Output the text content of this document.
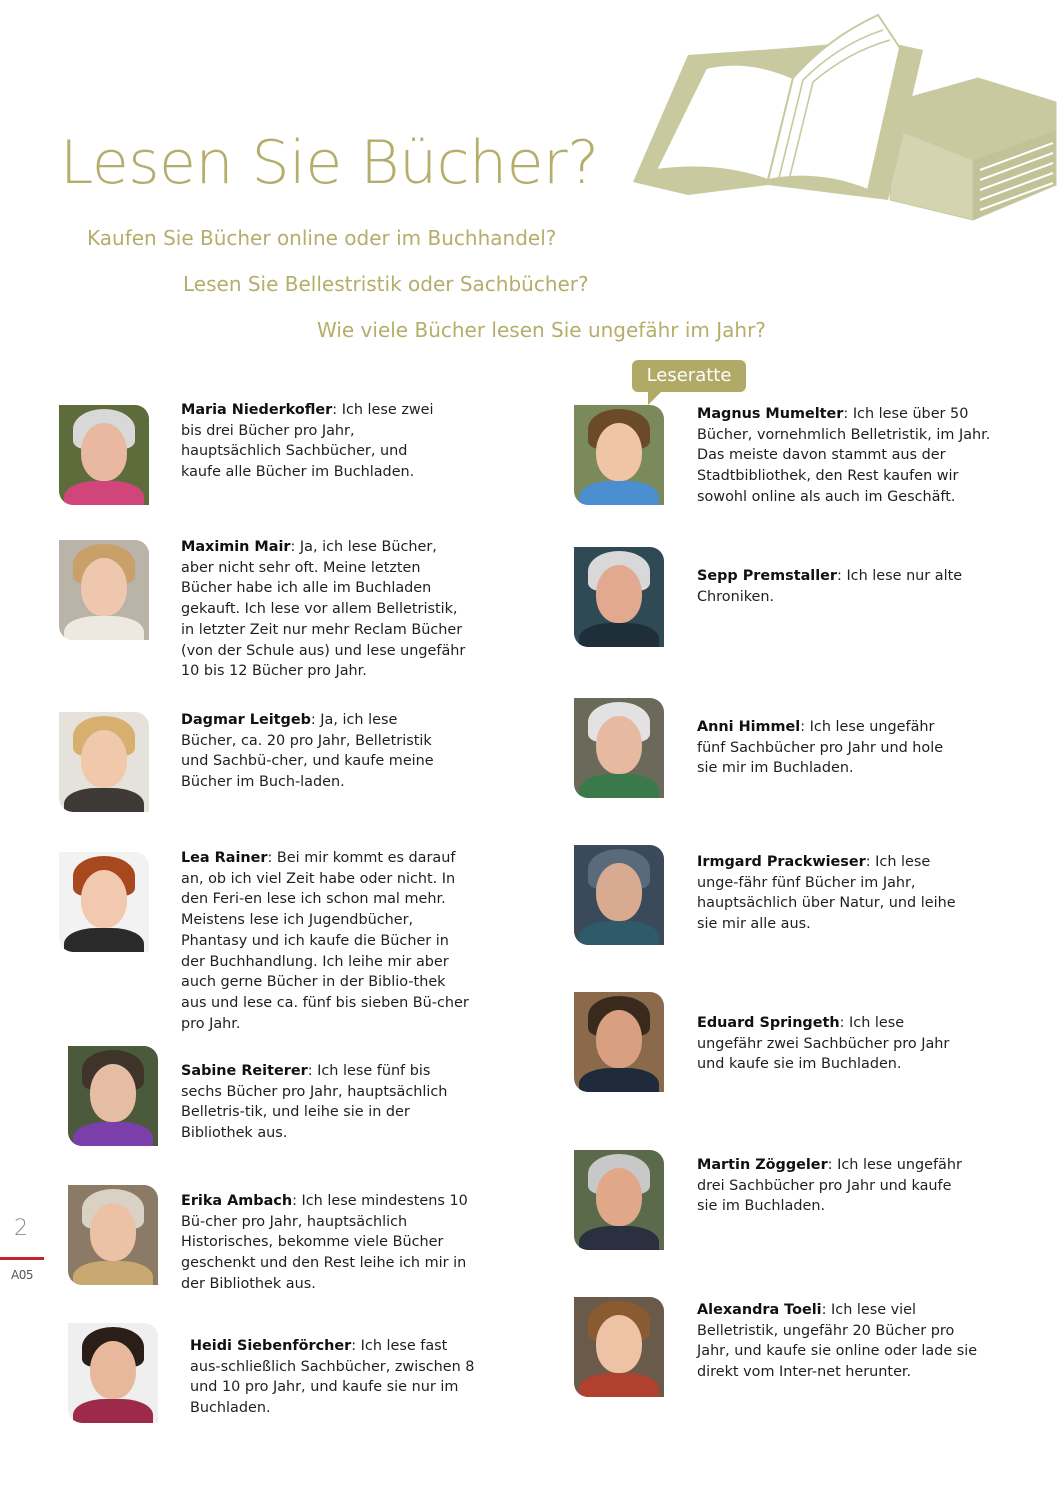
Lesen Sie Bücher?
Kaufen Sie Bücher online oder im Buchhandel?
Lesen Sie Bellestristik oder Sachbücher?
Wie viele Bücher lesen Sie ungefähr im Jahr?
Leseratte

Maria Niederkofler: Ich lese zwei bis drei Bücher pro Jahr, hauptsächlich Sachbücher, und kaufe alle Bücher im Buchladen.

Maximin Mair: Ja, ich lese Bücher, aber nicht sehr oft. Meine letzten Bücher habe ich alle im Buchladen gekauft. Ich lese vor allem Belletristik, in letzter Zeit nur mehr Reclam Bücher (von der Schule aus) und lese ungefähr 10 bis 12 Bücher pro Jahr.

Dagmar Leitgeb: Ja, ich lese Bücher, ca. 20 pro Jahr, Belletristik und Sachbü-cher, und kaufe meine Bücher im Buch-laden.

Lea Rainer: Bei mir kommt es darauf an, ob ich viel Zeit habe oder nicht. In den Feri-en lese ich schon mal mehr. Meistens lese ich Jugendbücher, Phantasy und ich kaufe die Bücher in der Buchhandlung. Ich leihe mir aber auch gerne Bücher in der Biblio-thek aus und lese ca. fünf bis sieben Bü-cher pro Jahr.

Sabine Reiterer: Ich lese fünf bis sechs Bücher pro Jahr, hauptsächlich Belletris-tik, und leihe sie in der Bibliothek aus.

Erika Ambach: Ich lese mindestens 10 Bü-cher pro Jahr, hauptsächlich Historisches, bekomme viele Bücher geschenkt und den Rest leihe ich mir in der Bibliothek aus.

Heidi Siebenförcher: Ich lese fast aus-schließlich Sachbücher, zwischen 8 und 10 pro Jahr, und kaufe sie nur im Buchladen.

Magnus Mumelter: Ich lese über 50 Bücher, vornehmlich Belletristik, im Jahr. Das meiste davon stammt aus der Stadtbibliothek, den Rest kaufen wir sowohl online als auch im Geschäft.

Sepp Premstaller: Ich lese nur alte Chroniken.

Anni Himmel: Ich lese ungefähr fünf Sachbücher pro Jahr und hole sie mir im Buchladen.

Irmgard Prackwieser: Ich lese unge-fähr fünf Bücher im Jahr, hauptsächlich über Natur, und leihe sie mir alle aus.

Eduard Springeth: Ich lese ungefähr zwei Sachbücher pro Jahr und kaufe sie im Buchladen.

Martin Zöggeler: Ich lese ungefähr drei Sachbücher pro Jahr und kaufe sie im Buchladen.

Alexandra Toeli: Ich lese viel Belletristik, ungefähr 20 Bücher pro Jahr, und kaufe sie online oder lade sie direkt vom Inter-net herunter.

2
A05
